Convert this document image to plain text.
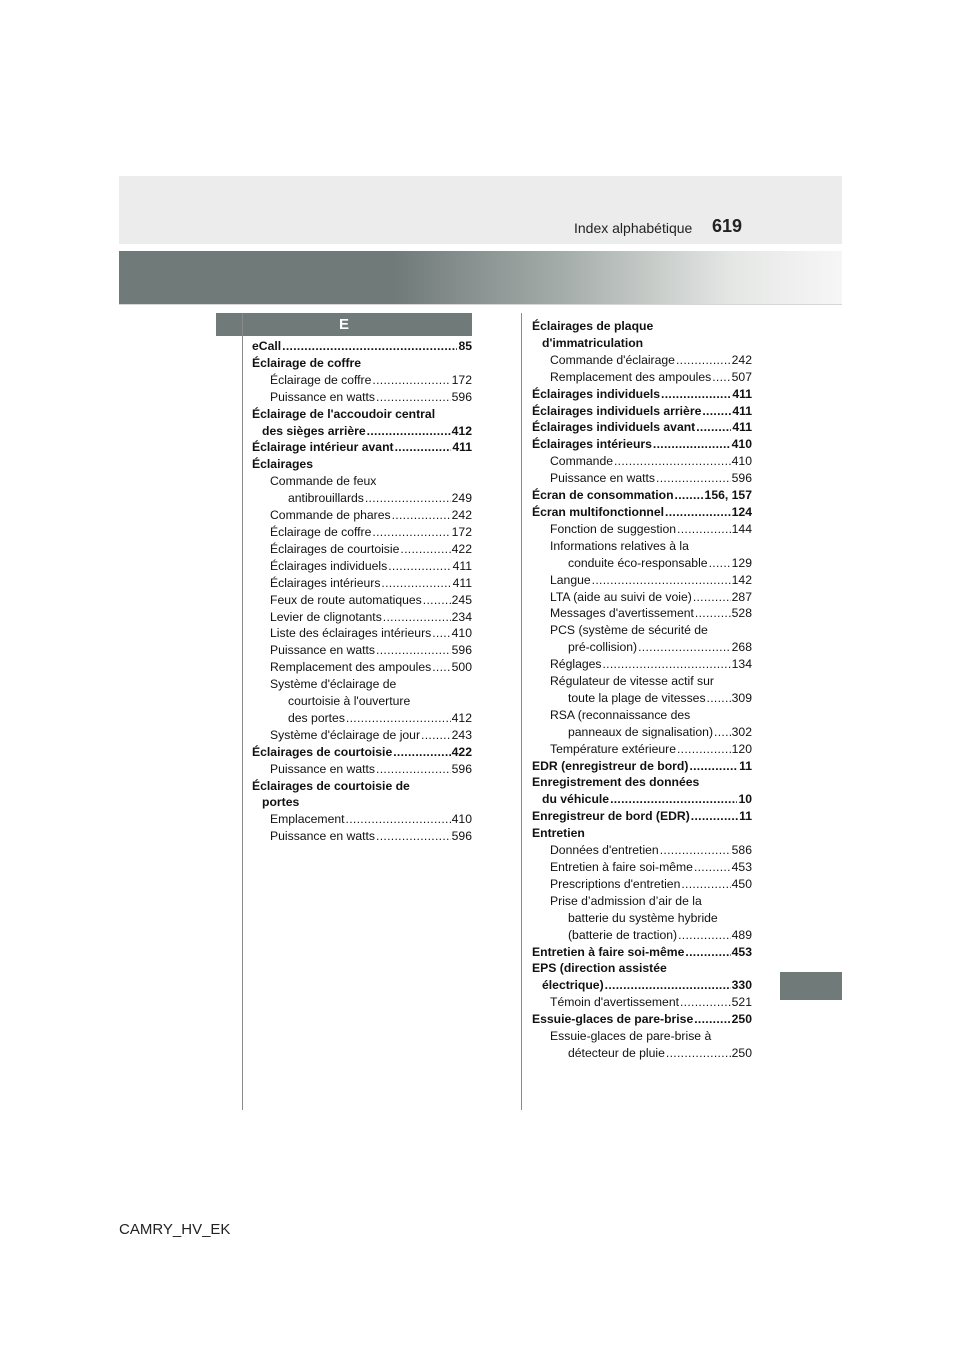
Index alphabétique 619
E
eCall .....	85
Éclairage de coffre
Éclairage de coffre .....	172
Puissance en watts .....	596
Éclairage de l'accoudoir central
des sièges arrière .....	412
Éclairage intérieur avant .....	411
Éclairages
Commande de feux
antibrouillards .....	249
Commande de phares .....	242
Éclairage de coffre .....	172
Éclairages de courtoisie .....	422
Éclairages individuels .....	411
Éclairages intérieurs .....	411
Feux de route automatiques ..... 245
Levier de clignotants .....	234
Liste des éclairages intérieurs ..... 410
Puissance en watts .....	596
Remplacement des ampoules ..... 500
Système d'éclairage de
courtoisie à l'ouverture
des portes .....	412
Système d'éclairage de jour .....	243
Éclairages de courtoisie .....	422
Puissance en watts .....	596
Éclairages de courtoisie de
portes
Emplacement .....	410
Puissance en watts .....	596
Éclairages de plaque
d'immatriculation
Commande d'éclairage .....	242
Remplacement des ampoules ..... 507
Éclairages individuels .....	411
Éclairages individuels arrière .....	411
Éclairages individuels avant .....	411
Éclairages intérieurs .....	410
Commande .....	410
Puissance en watts .....	596
Écran de consommation .....	156, 157
Écran multifonctionnel .....	124
Fonction de suggestion .....	144
Informations relatives à la
conduite éco-responsable ..... 129
Langue .....	142
LTA (aide au suivi de voie) .....	287
Messages d'avertissement .....	528
PCS (système de sécurité de
pré-collision) .....	268
Réglages .....	134
Régulateur de vitesse actif sur
toute la plage de vitesses ..... 309
RSA (reconnaissance des
panneaux de signalisation) ..... 302
Température extérieure .....	120
EDR (enregistreur de bord) .....	11
Enregistrement des données
du véhicule .....	10
Enregistreur de bord (EDR) .....	11
Entretien
Données d'entretien .....	586
Entretien à faire soi-même .....	453
Prescriptions d'entretien .....	450
Prise d’admission d’air de la
batterie du système hybride
(batterie de traction) .....	489
Entretien à faire soi-même .....	453
EPS (direction assistée
électrique) .....	330
Témoin d'avertissement .....	521
Essuie-glaces de pare-brise .....	250
Essuie-glaces de pare-brise à
détecteur de pluie .....	250
CAMRY_HV_EK
